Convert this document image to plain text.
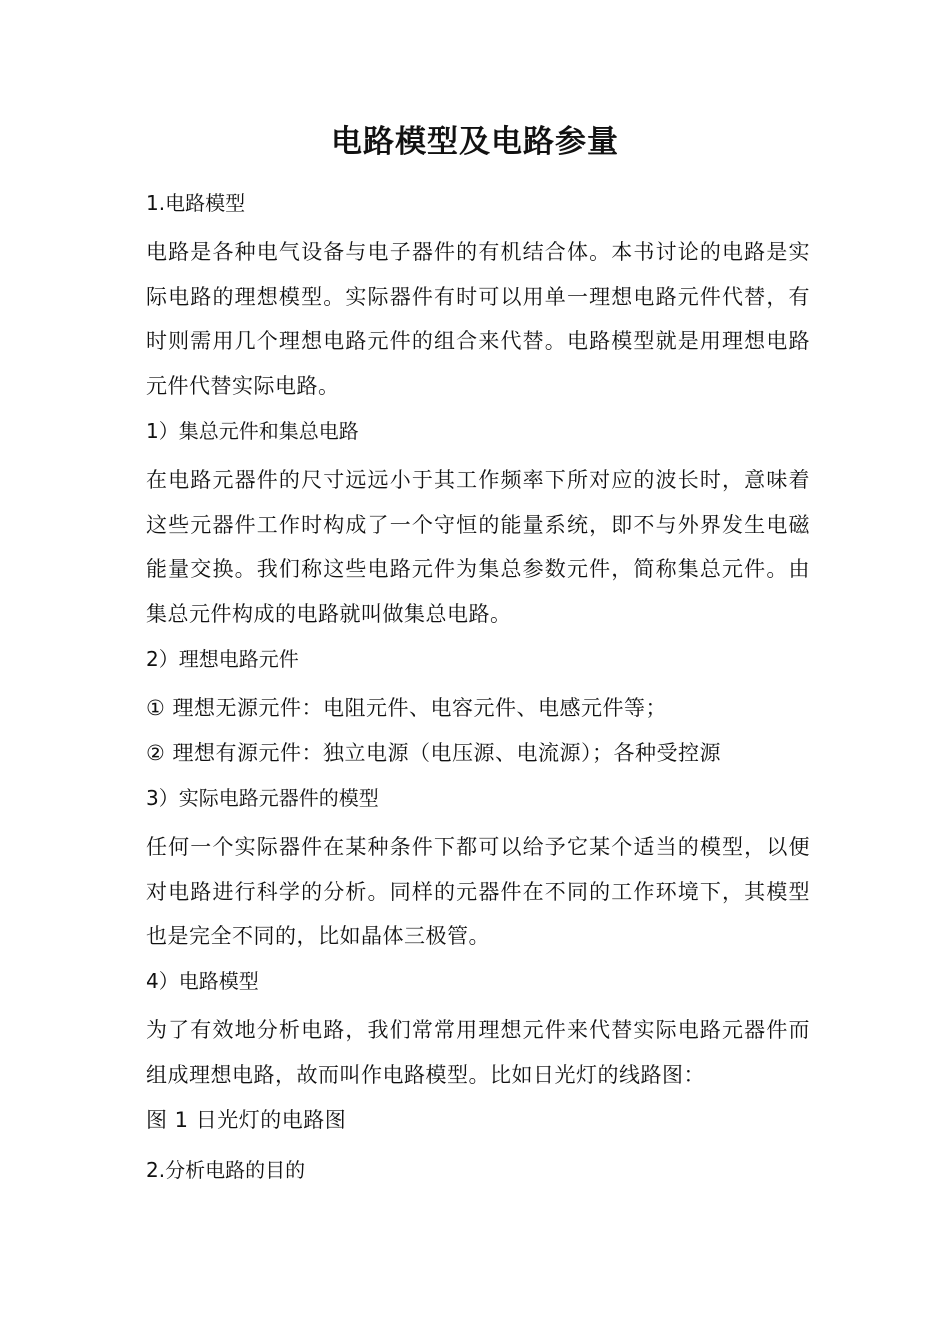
电路模型及电路参量
1.电路模型
电路是各种电气设备与电子器件的有机结合体。本书讨论的电路是实际电路的理想模型。实际器件有时可以用单一理想电路元件代替，有时则需用几个理想电路元件的组合来代替。电路模型就是用理想电路元件代替实际电路。
1）集总元件和集总电路
在电路元器件的尺寸远远小于其工作频率下所对应的波长时，意味着这些元器件工作时构成了一个守恒的能量系统，即不与外界发生电磁能量交换。我们称这些电路元件为集总参数元件，简称集总元件。由集总元件构成的电路就叫做集总电路。
2）理想电路元件
① 理想无源元件：电阻元件、电容元件、电感元件等；
② 理想有源元件：独立电源（电压源、电流源）；各种受控源
3）实际电路元器件的模型
任何一个实际器件在某种条件下都可以给予它某个适当的模型，以便对电路进行科学的分析。同样的元器件在不同的工作环境下，其模型也是完全不同的，比如晶体三极管。
4）电路模型
为了有效地分析电路，我们常常用理想元件来代替实际电路元器件而组成理想电路，故而叫作电路模型。比如日光灯的线路图：
图 1 日光灯的电路图
2.分析电路的目的
